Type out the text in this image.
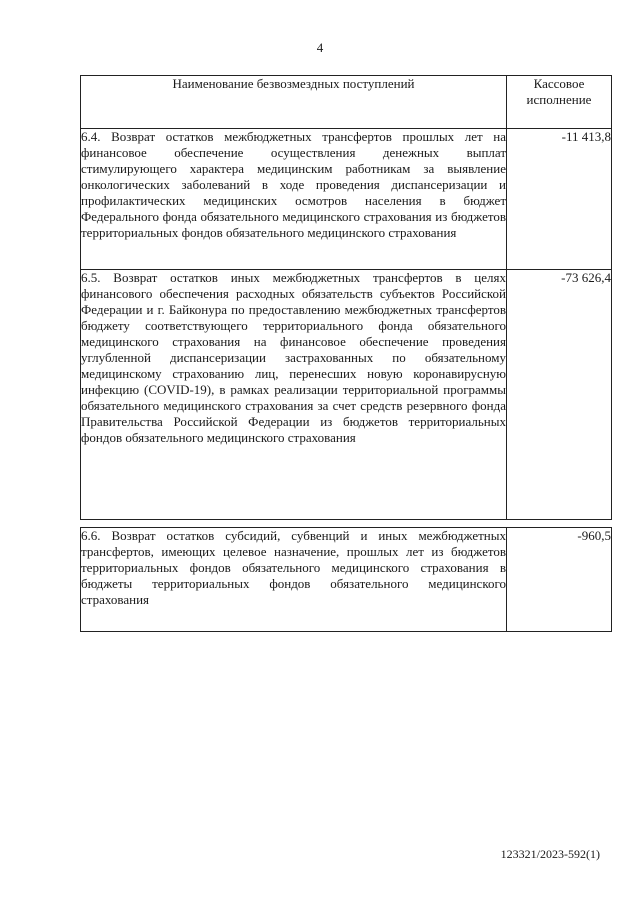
4
Наименование безвозмездных поступлений	Кассовое исполнение
6.4. Возврат остатков межбюджетных трансфертов прошлых лет на финансовое обеспечение осуществления денежных выплат стимулирующего характера медицинским работникам за выявление онкологических заболеваний в ходе проведения диспансеризации и профилактических медицинских осмотров населения в бюджет Федерального фонда обязательного медицинского страхования из бюджетов территориальных фондов обязательного медицинского страхования	-11 413,8
6.5. Возврат остатков иных межбюджетных трансфертов в целях финансового обеспечения расходных обязательств субъектов Российской Федерации и г. Байконура по предоставлению межбюджетных трансфертов бюджету соответствующего территориального фонда обязательного медицинского страхования на финансовое обеспечение проведения углубленной диспансеризации застрахованных по обязательному медицинскому страхованию лиц, перенесших новую коронавирусную инфекцию (COVID-19), в рамках реализации территориальной программы обязательного медицинского страхования за счет средств резервного фонда Правительства Российской Федерации из бюджетов территориальных фондов обязательного медицинского страхования	-73 626,4

6.6. Возврат остатков субсидий, субвенций и иных межбюджетных трансфертов, имеющих целевое назначение, прошлых лет из бюджетов территориальных фондов обязательного медицинского страхования в бюджеты территориальных фондов обязательного медицинского страхования	-960,5
123321/2023-592(1)
